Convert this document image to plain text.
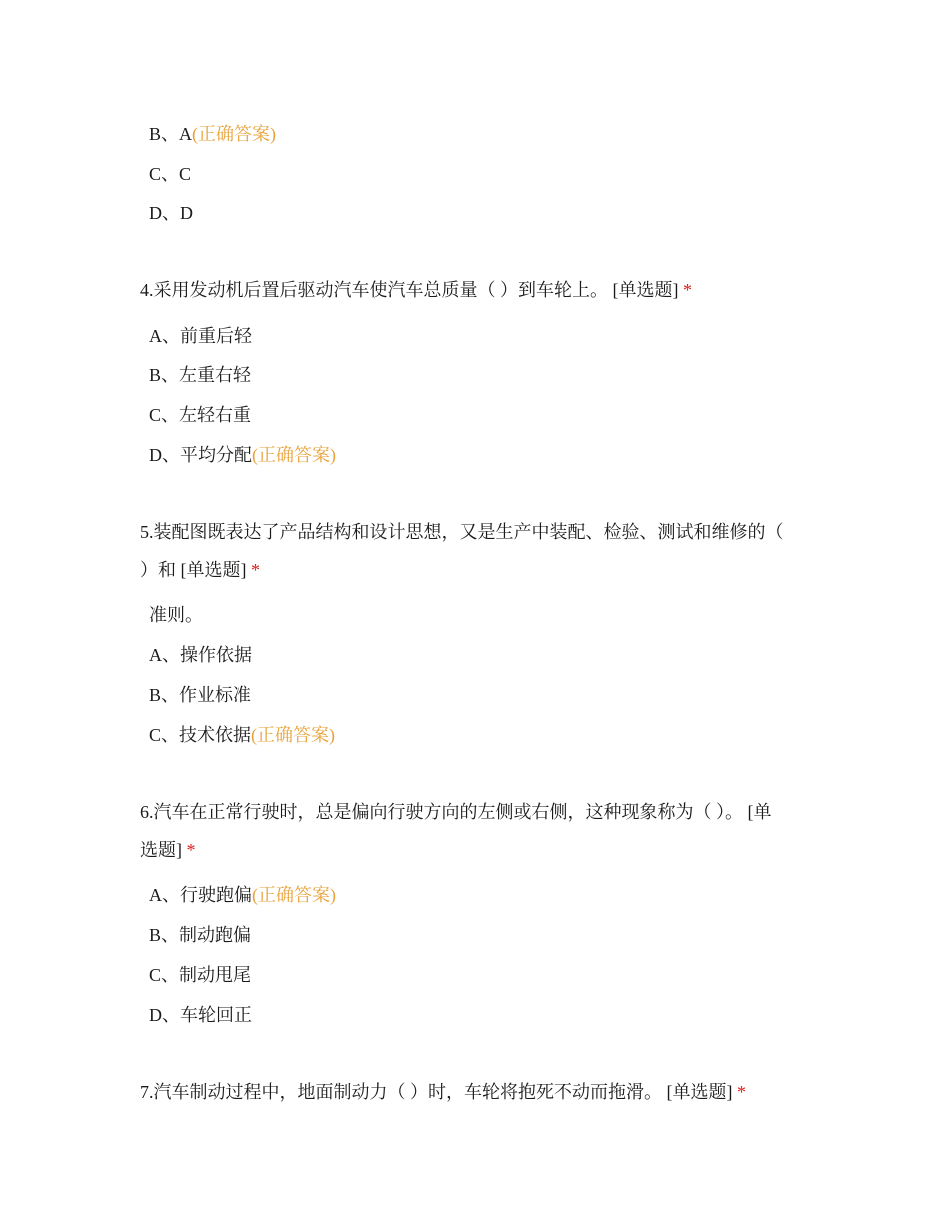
B、A(正确答案)
C、C
D、D
4.采用发动机后置后驱动汽车使汽车总质量（ ）到车轮上。 [单选题] *
A、前重后轻
B、左重右轻
C、左轻右重
D、平均分配(正确答案)
5.装配图既表达了产品结构和设计思想，又是生产中装配、检验、测试和维修的（
）和 [单选题] *
准则。
A、操作依据
B、作业标准
C、技术依据(正确答案)
6.汽车在正常行驶时，总是偏向行驶方向的左侧或右侧，这种现象称为（ ）。 [单
选题] *
A、行驶跑偏(正确答案)
B、制动跑偏
C、制动甩尾
D、车轮回正
7.汽车制动过程中，地面制动力（ ）时，车轮将抱死不动而拖滑。 [单选题] *
